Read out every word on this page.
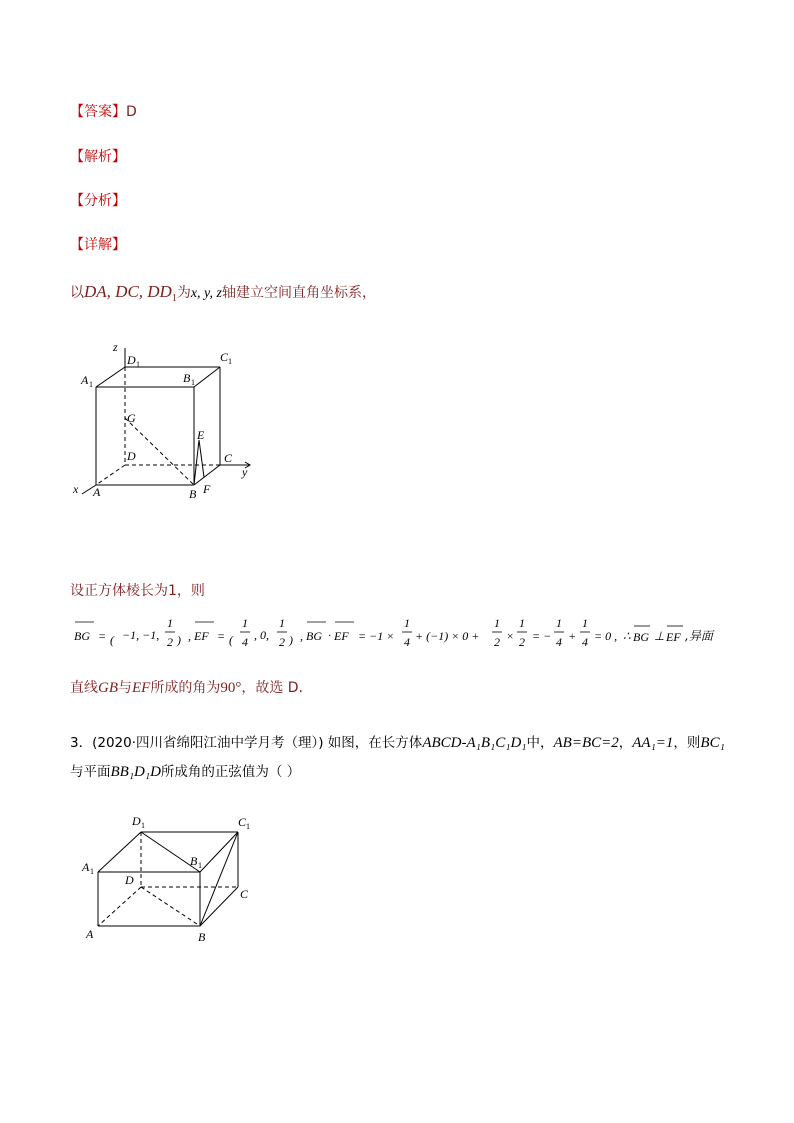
【答案】D
【解析】
【分析】
【详解】
以DA, DC, $DD_1$为x, y, z轴建立空间直角坐标系，
z
D 1
C 1
A 1	B 1
G
E
D	C
y
x A	B F
设正方体棱长为1，则
BG = ( −1, −1,
1
2 ) , EF = (
1
4 , 0,
1
2 ) , BG · EF = −1 ×
1
4 + (−1) × 0 +
1
2 ×
1
2 = −
1
4 +
1
4 = 0 , ∴ BG ⊥ EF ,异面
直线GB与EF所成的角为90°，故选 D.
3．(2020·四川省绵阳江油中学月考（理）) 如图，在长方体ABCD-A₁B₁C₁D₁中，AB=BC=2，AA₁=1，则BC₁
与平面BB₁D₁D所成角的正弦值为（ ）
D 1	C 1
A 1
B 1
D
C
A	B
